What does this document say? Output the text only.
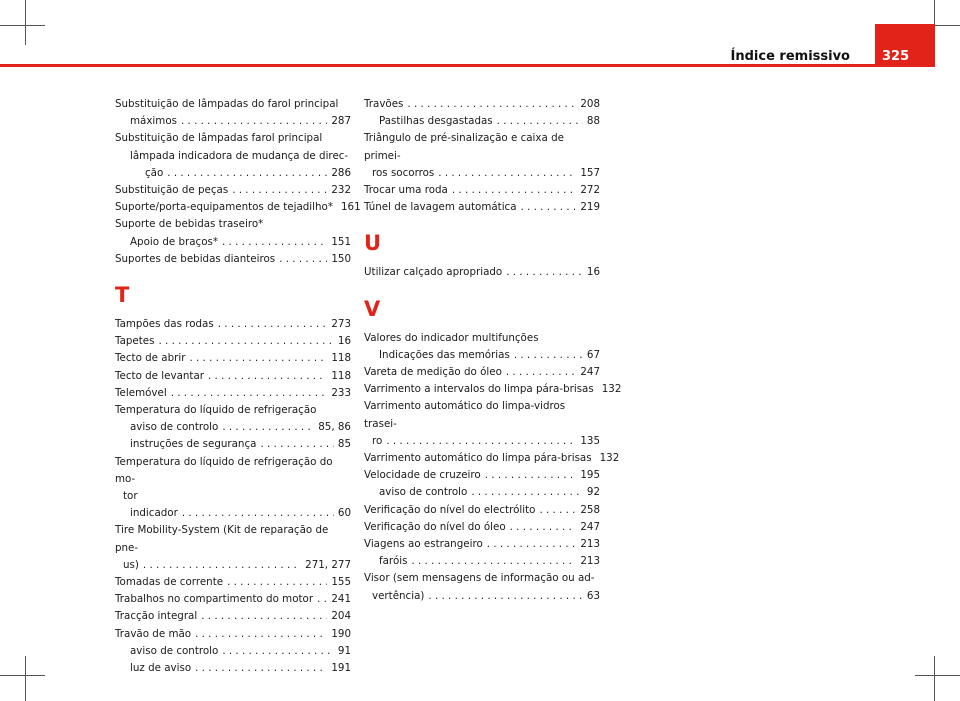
Índice remissivo 325
Substituição de lâmpadas do farol principal
máximos . . .	287
Substituição de lâmpadas farol principal
lâmpada indicadora de mudança de direc-
ção . . .	286
Substituição de peças . . .	232
Suporte/porta-equipamentos de tejadilho* 161
Suporte de bebidas traseiro*
Apoio de braços* . . .	151
Suportes de bebidas dianteiros . . .	150
T
Tampões das rodas . . .	273
Tapetes . . .	16
Tecto de abrir . . .	118
Tecto de levantar . . .	118
Telemóvel . . .	233
Temperatura do líquido de refrigeração
aviso de controlo . . .	85, 86
instruções de segurança . . .	85
Temperatura do líquido de refrigeração do mo-
tor
indicador . . .	60
Tire Mobility-System (Kit de reparação de pne-
us) . . .	271, 277
Tomadas de corrente . . .	155
Trabalhos no compartimento do motor . . . 241
Tracção integral . . .	204
Travão de mão . . .	190
aviso de controlo . . .	91
luz de aviso . . .	191
Travões . . .	208
Pastilhas desgastadas . . .	88
Triângulo de pré-sinalização e caixa de primei-
ros socorros . . .	157
Trocar uma roda . . .	272
Túnel de lavagem automática . . .	219
U
Utilizar calçado apropriado . . .	16
V
Valores do indicador multifunções
Indicações das memórias . . .	67
Vareta de medição do óleo . . .	247
Varrimento a intervalos do limpa pára-brisas 132
Varrimento automático do limpa-vidros trasei-
ro . . .	135
Varrimento automático do limpa pára-brisas 132
Velocidade de cruzeiro . . .	195
aviso de controlo . . .	92
Verificação do nível do electrólito . . .	258
Verificação do nível do óleo . . .	247
Viagens ao estrangeiro . . .	213
faróis . . .	213
Visor (sem mensagens de informação ou ad-
vertência) . . .	63
